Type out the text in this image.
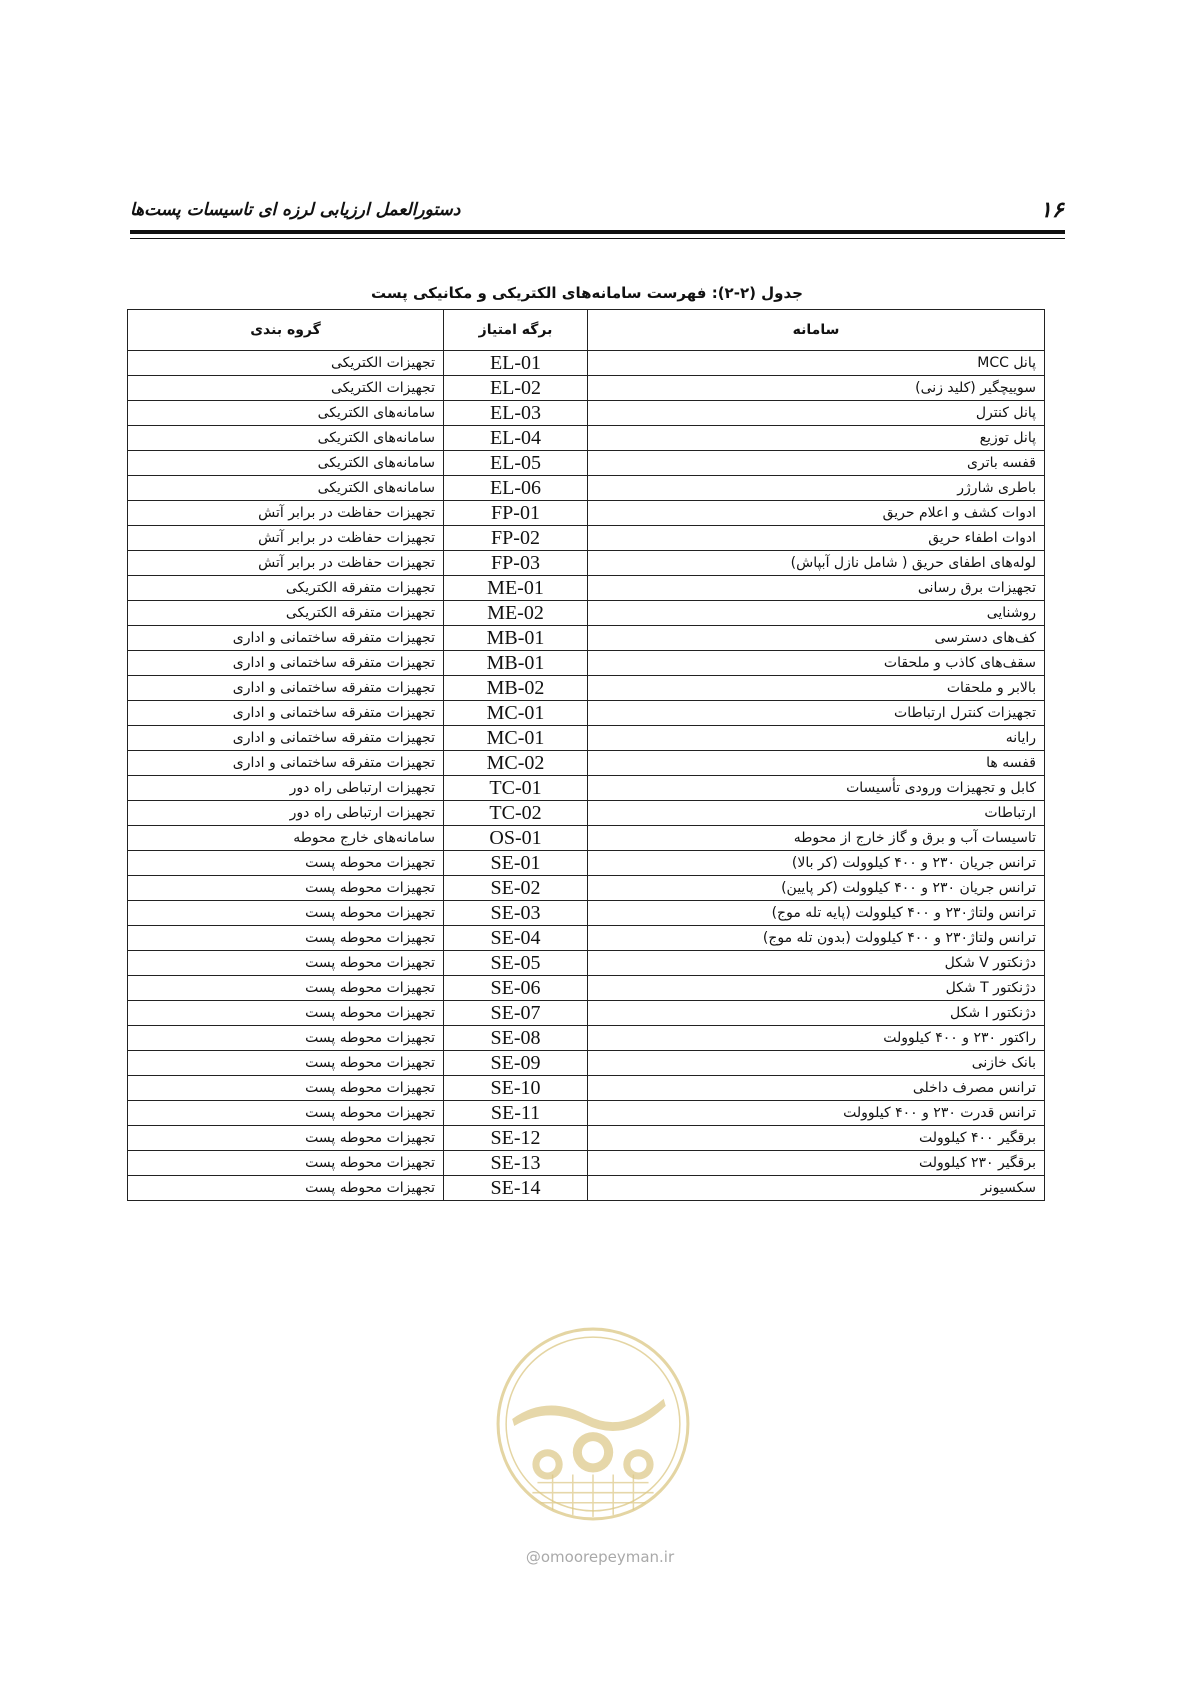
۱۶
دستورالعمل ارزیابی لرزه ای تاسیسات پست‌ها
جدول (۲-۲): فهرست سامانه‌های الکتریکی و مکانیکی پست
سامانه	برگه امتیاز	گروه بندی
پانل MCC	EL-01	تجهیزات الکتریکی
سوییچگیر (کلید زنی)	EL-02	تجهیزات الکتریکی
پانل کنترل	EL-03	سامانه‌های الکتریکی
پانل توزیع	EL-04	سامانه‌های الکتریکی
قفسه باتری	EL-05	سامانه‌های الکتریکی
باطری شارژر	EL-06	سامانه‌های الکتریکی
ادوات کشف و اعلام حریق	FP-01	تجهیزات حفاظت در برابر آتش
ادوات اطفاء حریق	FP-02	تجهیزات حفاظت در برابر آتش
لوله‌های اطفای حریق ( شامل نازل آبپاش)	FP-03	تجهیزات حفاظت در برابر آتش
تجهیزات برق رسانی	ME-01	تجهیزات متفرقه الکتریکی
روشنایی	ME-02	تجهیزات متفرقه الکتریکی
کف‌های دسترسی	MB-01	تجهیزات متفرقه ساختمانی و اداری
سقف‌های کاذب و ملحقات	MB-01	تجهیزات متفرقه ساختمانی و اداری
بالابر و ملحقات	MB-02	تجهیزات متفرقه ساختمانی و اداری
تجهیزات کنترل ارتباطات	MC-01	تجهیزات متفرقه ساختمانی و اداری
رایانه	MC-01	تجهیزات متفرقه ساختمانی و اداری
قفسه ها	MC-02	تجهیزات متفرقه ساختمانی و اداری
کابل و تجهیزات ورودی تأسیسات	TC-01	تجهیزات ارتباطی راه دور
ارتباطات	TC-02	تجهیزات ارتباطی راه دور
تاسیسات آب و برق و گاز خارج از محوطه	OS-01	سامانه‌های خارج محوطه
ترانس جریان ۲۳۰ و ۴۰۰ کیلوولت (کر بالا)	SE-01	تجهیزات محوطه پست
ترانس جریان ۲۳۰ و ۴۰۰ کیلوولت (کر پایین)	SE-02	تجهیزات محوطه پست
ترانس ولتاژ۲۳۰ و ۴۰۰ کیلوولت (پایه تله موج)	SE-03	تجهیزات محوطه پست
ترانس ولتاژ۲۳۰ و ۴۰۰ کیلوولت (بدون تله موج)	SE-04	تجهیزات محوطه پست
دژنکتور V شکل	SE-05	تجهیزات محوطه پست
دژنکتور T شکل	SE-06	تجهیزات محوطه پست
دژنکتور I شکل	SE-07	تجهیزات محوطه پست
راکتور ۲۳۰ و ۴۰۰ کیلوولت	SE-08	تجهیزات محوطه پست
بانک خازنی	SE-09	تجهیزات محوطه پست
ترانس مصرف داخلی	SE-10	تجهیزات محوطه پست
ترانس قدرت ۲۳۰ و ۴۰۰ کیلوولت	SE-11	تجهیزات محوطه پست
برقگیر ۴۰۰ کیلوولت	SE-12	تجهیزات محوطه پست
برقگیر ۲۳۰ کیلوولت	SE-13	تجهیزات محوطه پست
سکسیونر	SE-14	تجهیزات محوطه پست
@omoorepeyman.ir
